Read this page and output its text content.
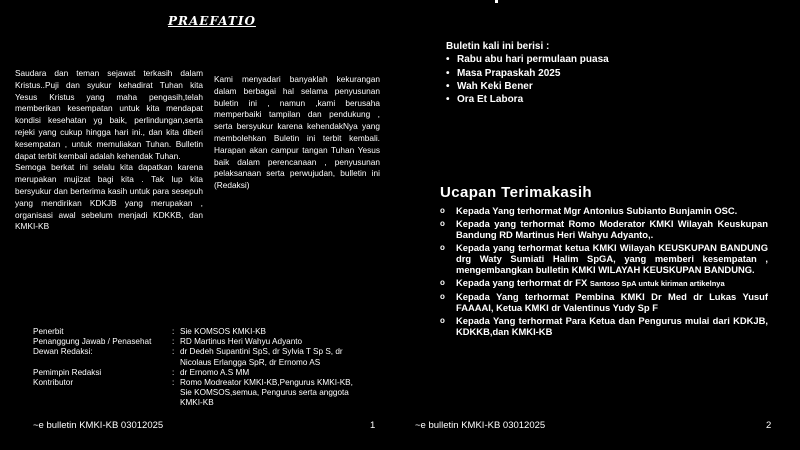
PRAEFATIO

Saudara dan teman sejawat terkasih dalam Kristus..Puji dan syukur kehadirat Tuhan kita Yesus Kristus yang maha pengasih,telah memberikan kesempatan untuk kita mendapat kondisi kesehatan yg baik, perlindungan,serta rejeki yang cukup hingga hari ini., dan kita diberi kesempatan , untuk memuliakan Tuhan. Bulletin dapat terbit kembali adalah kehendak Tuhan.

Semoga berkat ini selalu kita dapatkan karena merupakan mujizat bagi kita . Tak lup kita bersyukur dan berterima kasih untuk para sesepuh yang mendirikan KDKJB yang merupakan , organisasi awal sebelum menjadi KDKKB, dan KMKI-KB

Kami menyadari banyaklah kekurangan dalam berbagai hal selama penyusunan buletin ini , namun ,kami berusaha memperbaiki tampilan dan pendukung , serta bersyukur karena kehendakNya yang membolehkan Buletin ini terbit kembali. Harapan akan campur tangan Tuhan Yesus baik dalam perencanaan , penyusunan pelaksanaan serta perwujudan, bulletin ini (Redaksi)

Penerbit	: Sie KOMSOS KMKI-KB
Penanggung Jawab / Penasehat	: RD Martinus Heri Wahyu Adyanto
Dewan Redaksi:	: dr Dedeh Supantini SpS, dr Sylvia T Sp S, dr Nicolaus Erlangga SpR, dr Ernomo AS
Pemimpin Redaksi	: dr Ernomo A.S MM
Kontributor	: Romo Modreator KMKI-KB,Pengurus KMKI-KB, Sie KOMSOS,semua, Pengurus serta anggota KMKI-KB
~e bulletin KMKI-KB 03012025	1
Buletin kali ini berisi :
• Rabu abu hari permulaan puasa
• Masa Prapaskah 2025
• Wah Keki Bener
• Ora Et Labora
Ucapan Terimakasih
o Kepada Yang terhormat Mgr Antonius Subianto Bunjamin OSC.
o Kepada yang terhormat Romo Moderator KMKI Wilayah Keuskupan Bandung RD Martinus Heri Wahyu Adyanto,.
o Kepada yang terhormat ketua KMKI Wilayah KEUSKUPAN BANDUNG drg Waty Sumiati Halim SpGA, yang memberi kesempatan , mengembangkan bulletin KMKI WILAYAH KEUSKUPAN BANDUNG.
o Kepada yang terhormat dr FX Santoso SpA untuk kiriman artikelnya
o Kepada Yang terhormat Pembina KMKI Dr Med dr Lukas Yusuf FAAAAI, Ketua KMKI dr Valentinus Yudy Sp F
o Kepada Yang terhormat Para Ketua dan Pengurus mulai dari KDKJB, KDKKB,dan KMKI-KB
~e bulletin KMKI-KB 03012025	2
